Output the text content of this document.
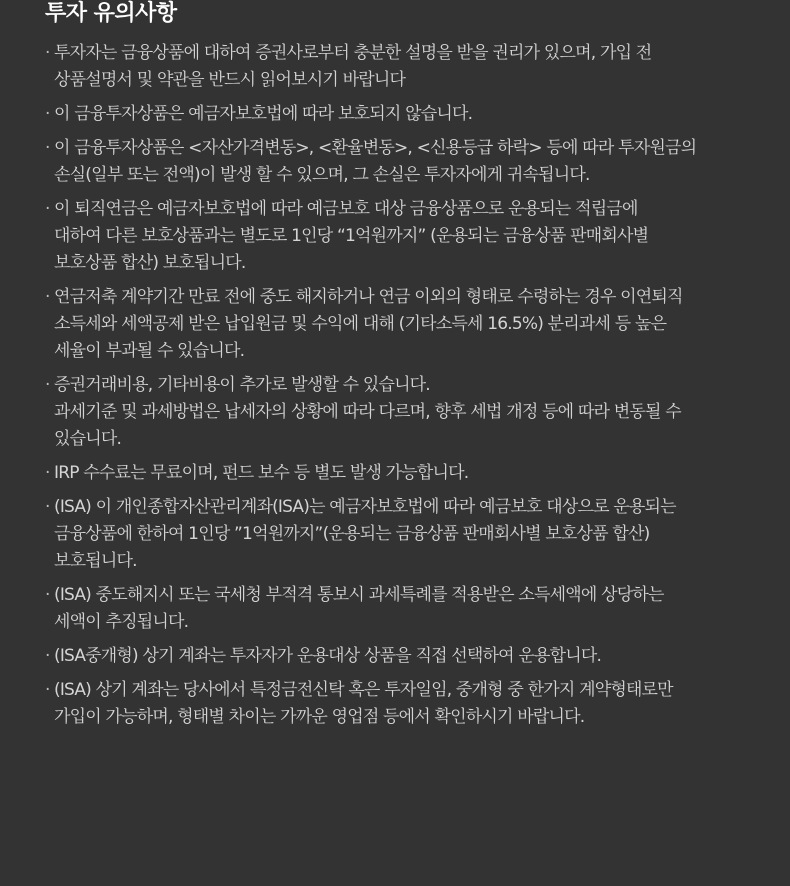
투자 유의사항
· 투자자는 금융상품에 대하여 증권사로부터 충분한 설명을 받을 권리가 있으며, 가입 전
상품설명서 및 약관을 반드시 읽어보시기 바랍니다
· 이 금융투자상품은 예금자보호법에 따라 보호되지 않습니다.
· 이 금융투자상품은 <자산가격변동>, <환율변동>, <신용등급 하락> 등에 따라 투자원금의
손실(일부 또는 전액)이 발생 할 수 있으며, 그 손실은 투자자에게 귀속됩니다.
· 이 퇴직연금은 예금자보호법에 따라 예금보호 대상 금융상품으로 운용되는 적립금에
대하여 다른 보호상품과는 별도로 1인당 “1억원까지” (운용되는 금융상품 판매회사별
보호상품 합산) 보호됩니다.
· 연금저축 계약기간 만료 전에 중도 해지하거나 연금 이외의 형태로 수령하는 경우 이연퇴직
소득세와 세액공제 받은 납입원금 및 수익에 대해 (기타소득세 16.5%) 분리과세 등 높은
세율이 부과될 수 있습니다.
· 증권거래비용, 기타비용이 추가로 발생할 수 있습니다.
과세기준 및 과세방법은 납세자의 상황에 따라 다르며, 향후 세법 개정 등에 따라 변동될 수
있습니다.
· IRP 수수료는 무료이며, 펀드 보수 등 별도 발생 가능합니다.
· (ISA) 이 개인종합자산관리계좌(ISA)는 예금자보호법에 따라 예금보호 대상으로 운용되는
금융상품에 한하여 1인당 ”1억원까지”(운용되는 금융상품 판매회사별 보호상품 합산)
보호됩니다.
· (ISA) 중도해지시 또는 국세청 부적격 통보시 과세특례를 적용받은 소득세액에 상당하는
세액이 추징됩니다.
· (ISA중개형) 상기 계좌는 투자자가 운용대상 상품을 직접 선택하여 운용합니다.
· (ISA) 상기 계좌는 당사에서 특정금전신탁 혹은 투자일임, 중개형 중 한가지 계약형태로만
가입이 가능하며, 형태별 차이는 가까운 영업점 등에서 확인하시기 바랍니다.
